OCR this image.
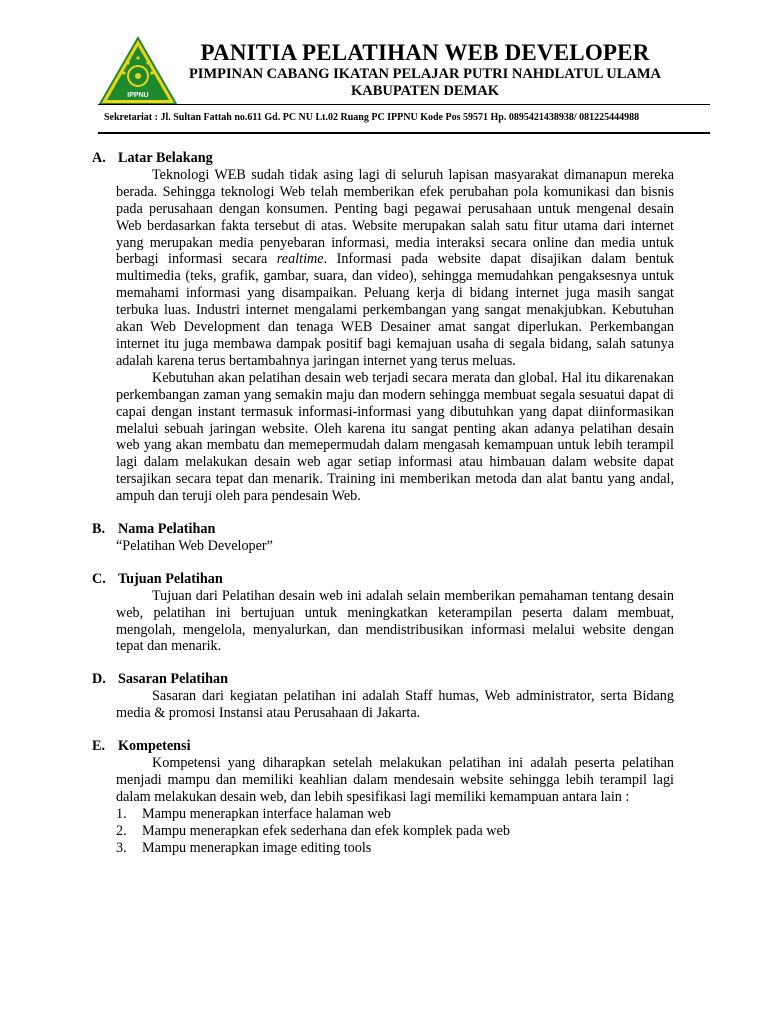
IPPNU
PANITIA PELATIHAN WEB DEVELOPER
PIMPINAN CABANG IKATAN PELAJAR PUTRI NAHDLATUL ULAMA
KABUPATEN DEMAK
Sekretariat : Jl. Sultan Fattah no.611 Gd. PC NU Lt.02 Ruang PC IPPNU Kode Pos 59571 Hp. 0895421438938/ 081225444988
A. Latar Belakang

Teknologi WEB sudah tidak asing lagi di seluruh lapisan masyarakat dimanapun mereka berada. Sehingga teknologi Web telah memberikan efek perubahan pola komunikasi dan bisnis pada perusahaan dengan konsumen. Penting bagi pegawai perusahaan untuk mengenal desain Web berdasarkan fakta tersebut di atas. Website merupakan salah satu fitur utama dari internet yang merupakan media penyebaran informasi, media interaksi secara online dan media untuk berbagi informasi secara realtime. Informasi pada website dapat disajikan dalam bentuk multimedia (teks, grafik, gambar, suara, dan video), sehingga memudahkan pengaksesnya untuk memahami informasi yang disampaikan. Peluang kerja di bidang internet juga masih sangat terbuka luas. Industri internet mengalami perkembangan yang sangat menakjubkan. Kebutuhan akan Web Development dan tenaga WEB Desainer amat sangat diperlukan. Perkembangan internet itu juga membawa dampak positif bagi kemajuan usaha di segala bidang, salah satunya adalah karena terus bertambahnya jaringan internet yang terus meluas.

Kebutuhan akan pelatihan desain web terjadi secara merata dan global. Hal itu dikarenakan perkembangan zaman yang semakin maju dan modern sehingga membuat segala sesuatui dapat di capai dengan instant termasuk informasi-informasi yang dibutuhkan yang dapat diinformasikan melalui sebuah jaringan website. Oleh karena itu sangat penting akan adanya pelatihan desain web yang akan membatu dan memepermudah dalam mengasah kemampuan untuk lebih terampil lagi dalam melakukan desain web agar setiap informasi atau himbauan dalam website dapat tersajikan secara tepat dan menarik. Training ini memberikan metoda dan alat bantu yang andal, ampuh dan teruji oleh para pendesain Web.

B. Nama Pelatihan
“Pelatihan Web Developer”
C. Tujuan Pelatihan

Tujuan dari Pelatihan desain web ini adalah selain memberikan pemahaman tentang desain web, pelatihan ini bertujuan untuk meningkatkan keterampilan peserta dalam membuat, mengolah, mengelola, menyalurkan, dan mendistribusikan informasi melalui website dengan tepat dan menarik.

D. Sasaran Pelatihan

Sasaran dari kegiatan pelatihan ini adalah Staff humas, Web administrator, serta Bidang media & promosi Instansi atau Perusahaan di Jakarta.

E. Kompetensi

Kompetensi yang diharapkan setelah melakukan pelatihan ini adalah peserta pelatihan menjadi mampu dan memiliki keahlian dalam mendesain website sehingga lebih terampil lagi dalam melakukan desain web, dan lebih spesifikasi lagi memiliki kemampuan antara lain :

1.	Mampu menerapkan interface halaman web
2.	Mampu menerapkan efek sederhana dan efek komplek pada web
3.	Mampu menerapkan image editing tools
